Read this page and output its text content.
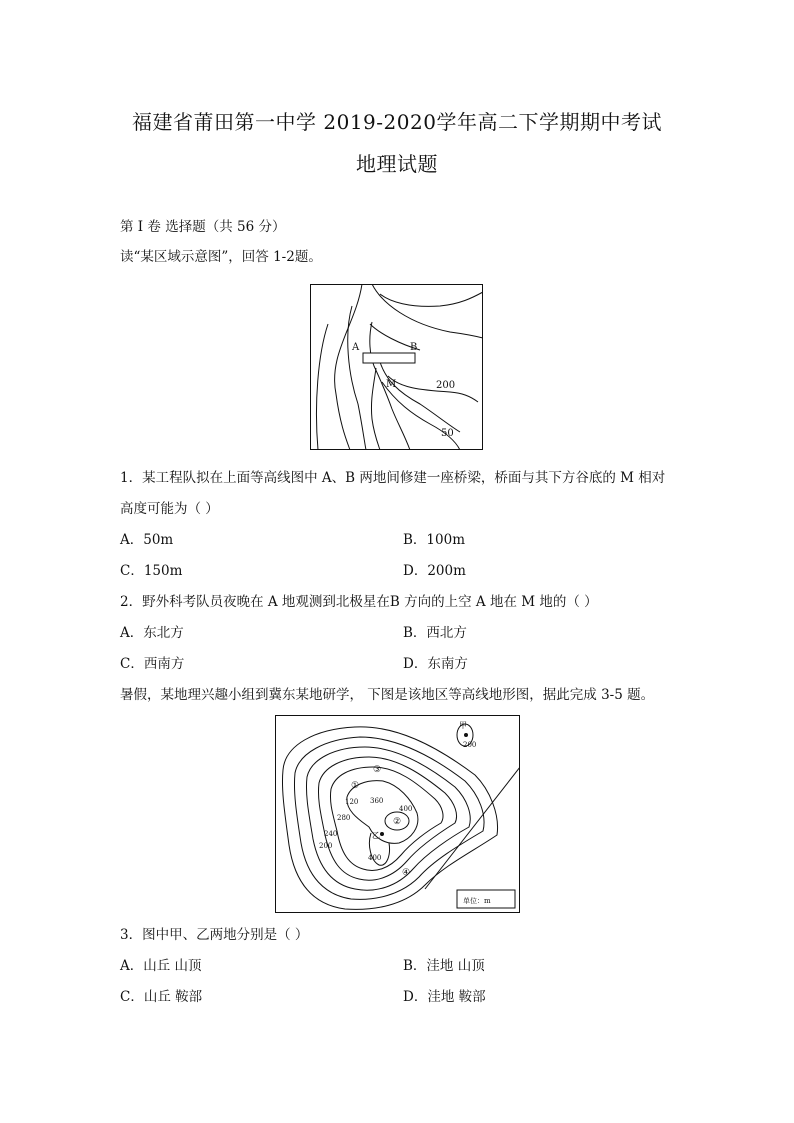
福建省莆田第一中学 2019-2020学年高二下学期期中考试
地理试题
第 I 卷 选择题（共 56 分）
读“某区域示意图”，回答 1-2题。
A	B
M	200
50
1．某工程队拟在上面等高线图中 A、B 两地间修建一座桥梁，桥面与其下方谷底的 M 相对
高度可能为（ ）
A．50m	B．100m
C．150m	D．200m
2．野外科考队员夜晚在 A 地观测到北极星在B 方向的上空 A 地在 M 地的（ ）
A．东北方	B．西北方
C．西南方	D．东南方
暑假，某地理兴趣小组到冀东某地研学， 下图是该地区等高线地形图，据此完成 3-5 题。
单位：m
甲
200
乙
①
②
③
④
120 360
400
280
240
200
400
3．图中甲、乙两地分别是（ ）
A．山丘 山顶	B．洼地 山顶
C．山丘 鞍部	D．洼地 鞍部
